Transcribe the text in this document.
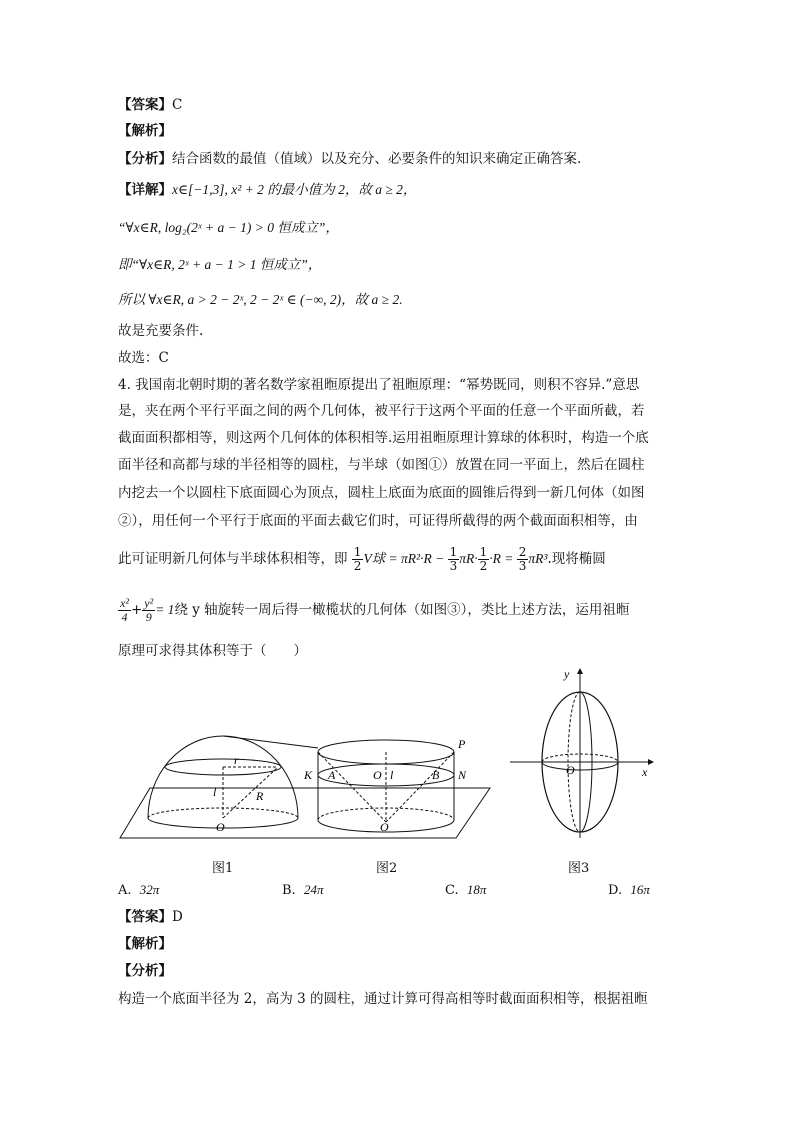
【答案】C
【解析】
【分析】结合函数的最值（值域）以及充分、必要条件的知识来确定正确答案.
【详解】x∈[−1,3], x² + 2 的最小值为 2，故 a ≥ 2，
“∀x∈R, log₂(2ˣ + a − 1) > 0 恒成立”，
即“∀x∈R, 2ˣ + a − 1 > 1 恒成立”，
所以 ∀x∈R, a > 2 − 2ˣ, 2 − 2ˣ ∈ (−∞, 2)，故 a ≥ 2.
故是充要条件.
故选：C
4. 我国南北朝时期的著名数学家祖暅原提出了祖暅原理：“幂势既同，则积不容异.”意思
是，夹在两个平行平面之间的两个几何体，被平行于这两个平面的任意一个平面所截，若
截面面积都相等，则这两个几何体的体积相等.运用祖暅原理计算球的体积时，构造一个底
面半径和高都与球的半径相等的圆柱，与半球（如图①）放置在同一平面上，然后在圆柱
内挖去一个以圆柱下底面圆心为顶点，圆柱上底面为底面的圆锥后得到一新几何体（如图
②），用任何一个平行于底面的平面去截它们时，可证得所截得的两个截面面积相等，由
此可证明新几何体与半球体积相等，即 $\frac{1}{2}$ V球 = $\pi R^2\cdot R - \frac{1}{3} \pi R\cdot \frac{1}{2} \cdot R = \frac{2}{3} \pi R^3$.现将椭圆
$\frac{\text{x²}}{4} + \frac{\text{y²}}{9} = 1$绕 y 轴旋转一周后得一橄榄状的几何体（如图③），类比上述方法，运用祖暅
原理可求得其体积等于（　　）
r
l	R
O
P
K A	O l	B N
O
图1	图2
y
x
O
图3
A. 32π	B. 24π	C. 18π	D. 16π
【答案】D
【解析】
【分析】
构造一个底面半径为 2，高为 3 的圆柱，通过计算可得高相等时截面面积相等，根据祖暅
